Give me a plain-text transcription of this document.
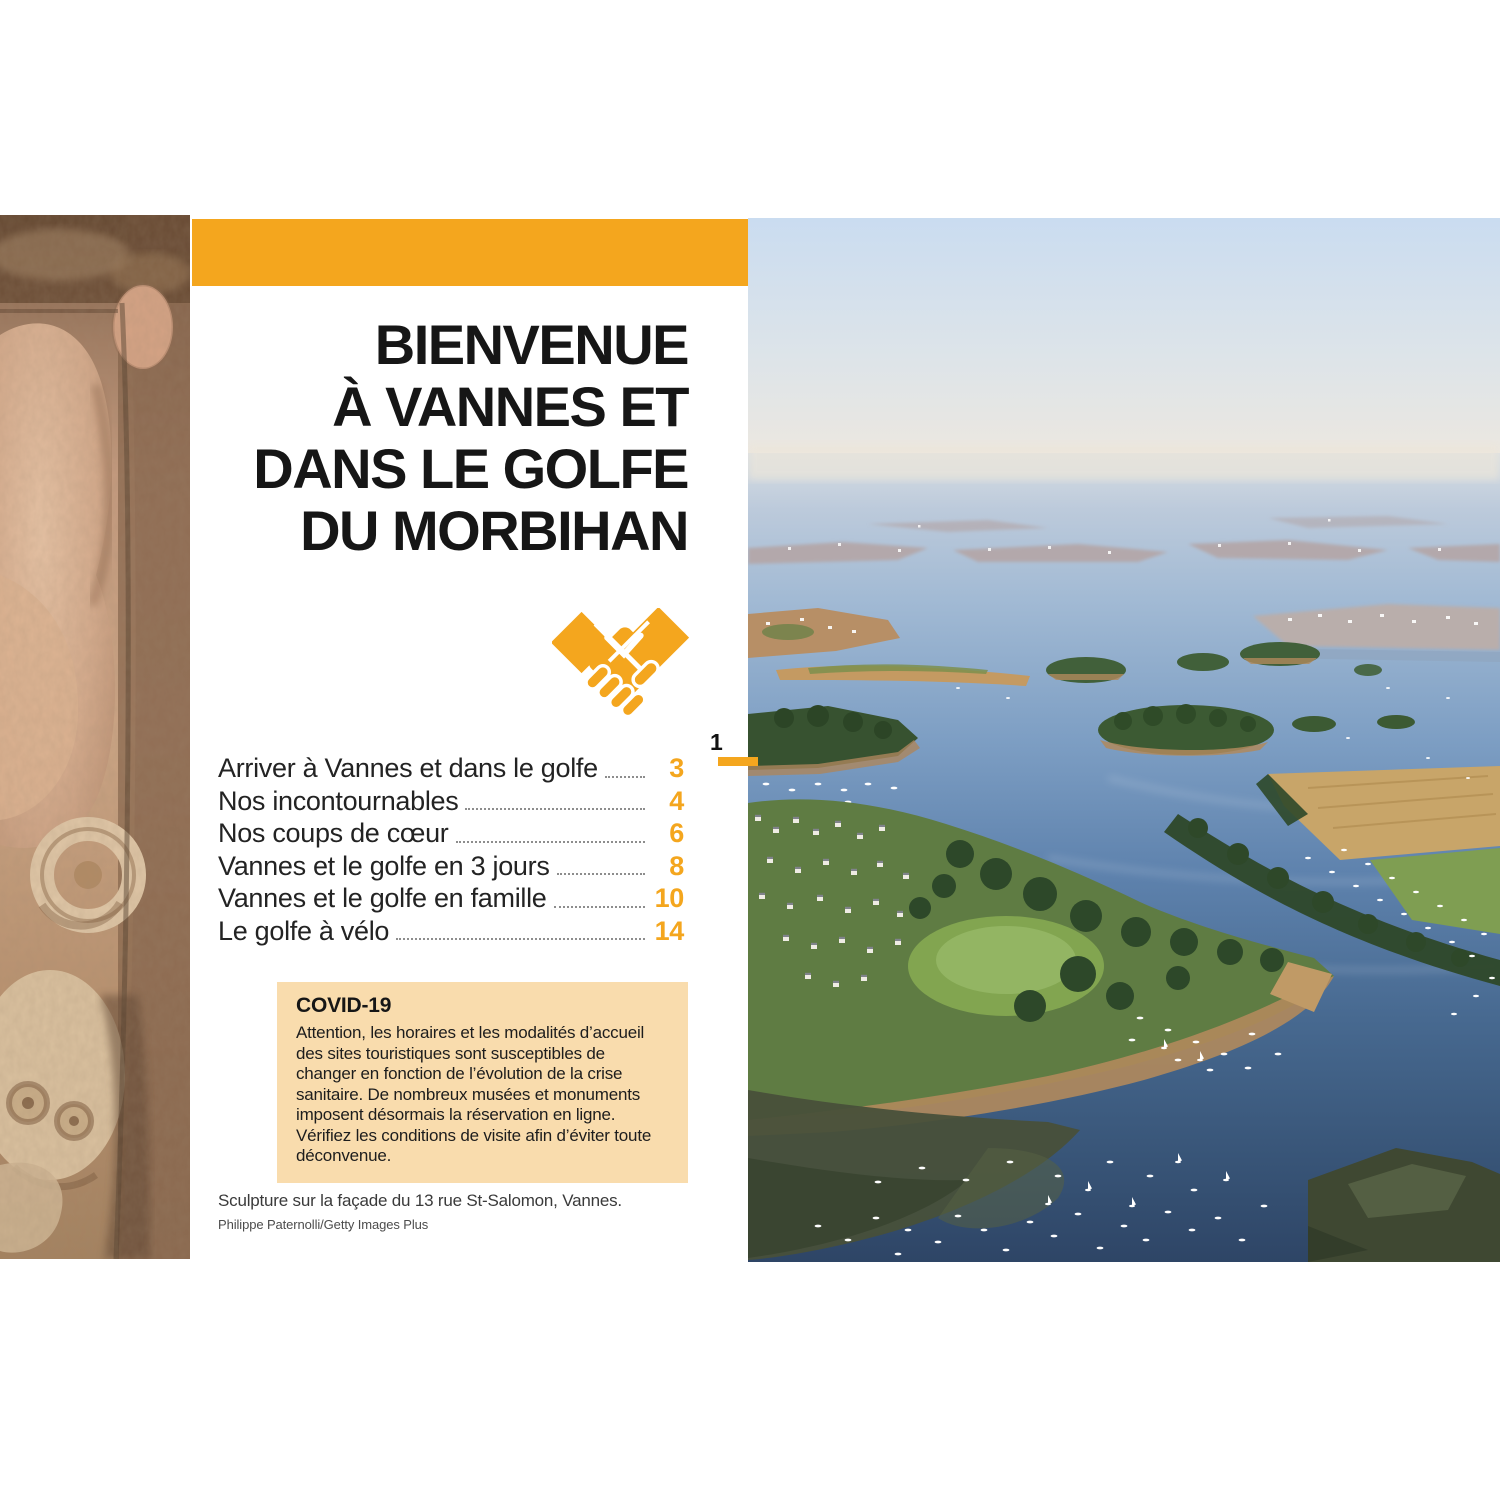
BIENVENUE
À VANNES ET
DANS LE GOLFE
DU MORBIHAN
Arriver à Vannes et dans le golfe	3
Nos incontournables	4
Nos coups de cœur	6
Vannes et le golfe en 3 jours	8
Vannes et le golfe en famille	10
Le golfe à vélo	14
COVID-19

Attention, les horaires et les modalités d’accueil des sites touristiques sont susceptibles de changer en fonction de l’évolution de la crise sanitaire. De nombreux musées et monuments imposent désormais la réservation en ligne. Vérifiez les conditions de visite afin d’éviter toute déconvenue.

Sculpture sur la façade du 13 rue St-Salomon, Vannes.
Philippe Paternolli/Getty Images Plus
1
